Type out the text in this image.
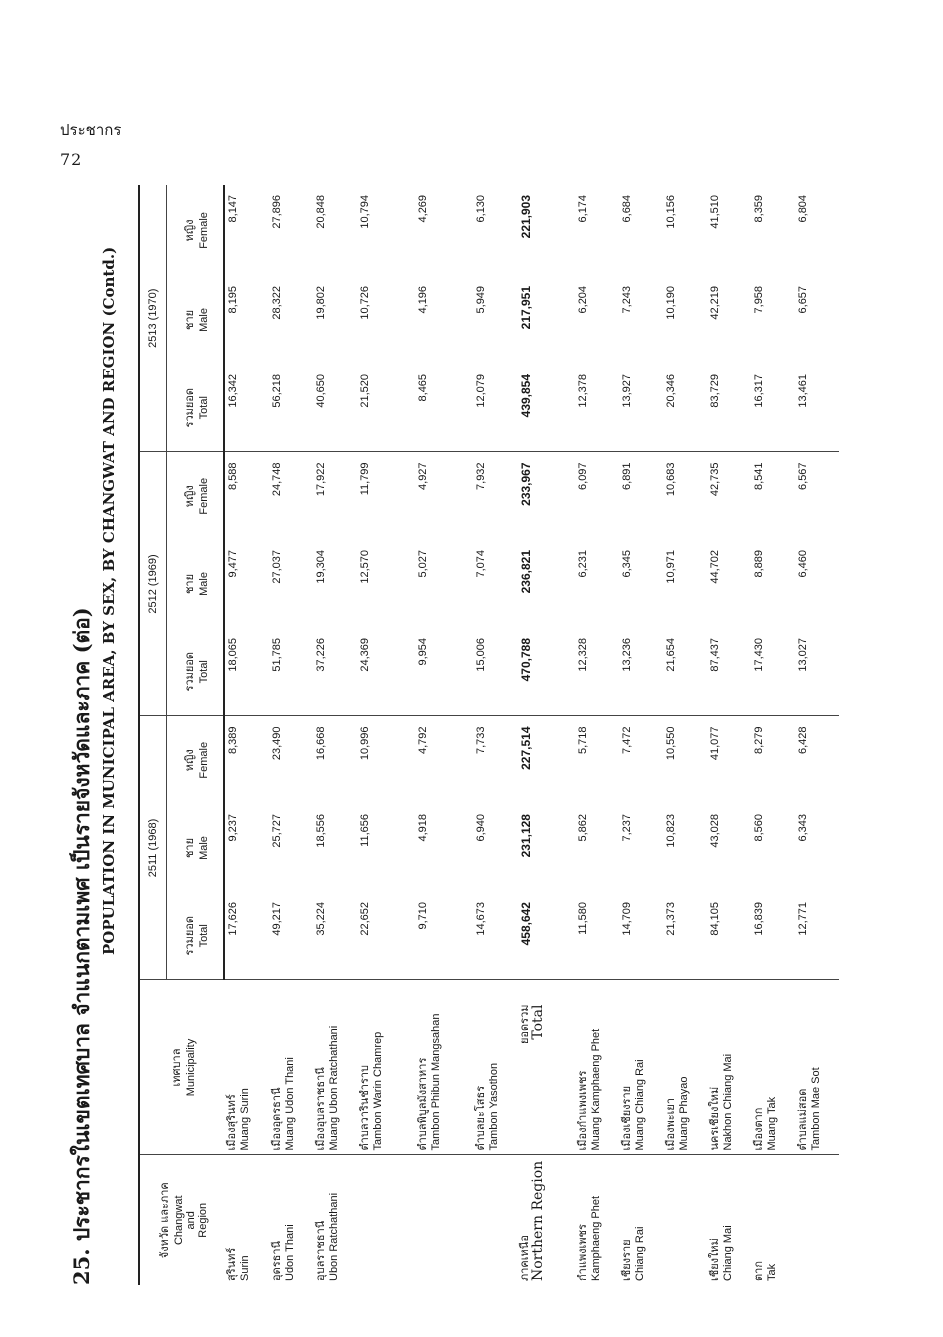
ประชากร
72
25. ประชากรในเขตเทศบาล จำแนกตามเพศ เป็นรายจังหวัดและภาค (ต่อ) POPULATION IN MUNICIPAL AREA, BY SEX, BY CHANGWAT AND REGION (Contd.)
จังหวัด และภาค Changwat and Region	เทศบาล Municipality	2511 (1968)			2512 (1969)			2513 (1970)		

		รวมยอด Total	ชาย Male	หญิง Female	รวมยอด Total	ชาย Male	หญิง Female	รวมยอด Total	ชาย Male	หญิง Female

สุรินทร์ Surin	เมืองสุรินทร์ Muang Surin	17,626	9,237	8,389	18,065	9,477	8,588	16,342	8,195	8,147

อุดรธานี Udon Thani	เมืองอุดรธานี Muang Udon Thani	49,217	25,727	23,490	51,785	27,037	24,748	56,218	28,322	27,896

อุบลราชธานี Ubon Ratchathani	เมืองอุบลราชธานี Muang Ubon Ratchathani	35,224	18,556	16,668	37,226	19,304	17,922	40,650	19,802	20,848

	ตำบลวารินชำราบ Tambon Warin Chamrep	22,652	11,656	10,996	24,369	12,570	11,799	21,520	10,726	10,794

	ตำบลพิบูลมังสาหาร Tambon Phibun Mangsahan	9,710	4,918	4,792	9,954	5,027	4,927	8,465	4,196	4,269

	ตำบลยะโสธร Tambon Yasothon	14,673	6,940	7,733	15,006	7,074	7,932	12,079	5,949	6,130

ภาคเหนือ Northern Region	ยอดรวม Total	458,642	231,128	227,514	470,788	236,821	233,967	439,854	217,951	221,903

กำแพงเพชร Kamphaeng Phet	เมืองกำแพงเพชร Muang Kamphaeng Phet	11,580	5,862	5,718	12,328	6,231	6,097	12,378	6,204	6,174

เชียงราย Chiang Rai	เมืองเชียงราย Muang Chiang Rai	14,709	7,237	7,472	13,236	6,345	6,891	13,927	7,243	6,684

	เมืองพะเยา Muang Phayao	21,373	10,823	10,550	21,654	10,971	10,683	20,346	10,190	10,156

เชียงใหม่ Chiang Mai	นครเชียงใหม่ Nakhon Chiang Mai	84,105	43,028	41,077	87,437	44,702	42,735	83,729	42,219	41,510

ตาก Tak	เมืองตาก Muang Tak	16,839	8,560	8,279	17,430	8,889	8,541	16,317	7,958	8,359

	ตำบลแม่สอด Tambon Mae Sot	12,771	6,343	6,428	13,027	6,460	6,567	13,461	6,657	6,804
